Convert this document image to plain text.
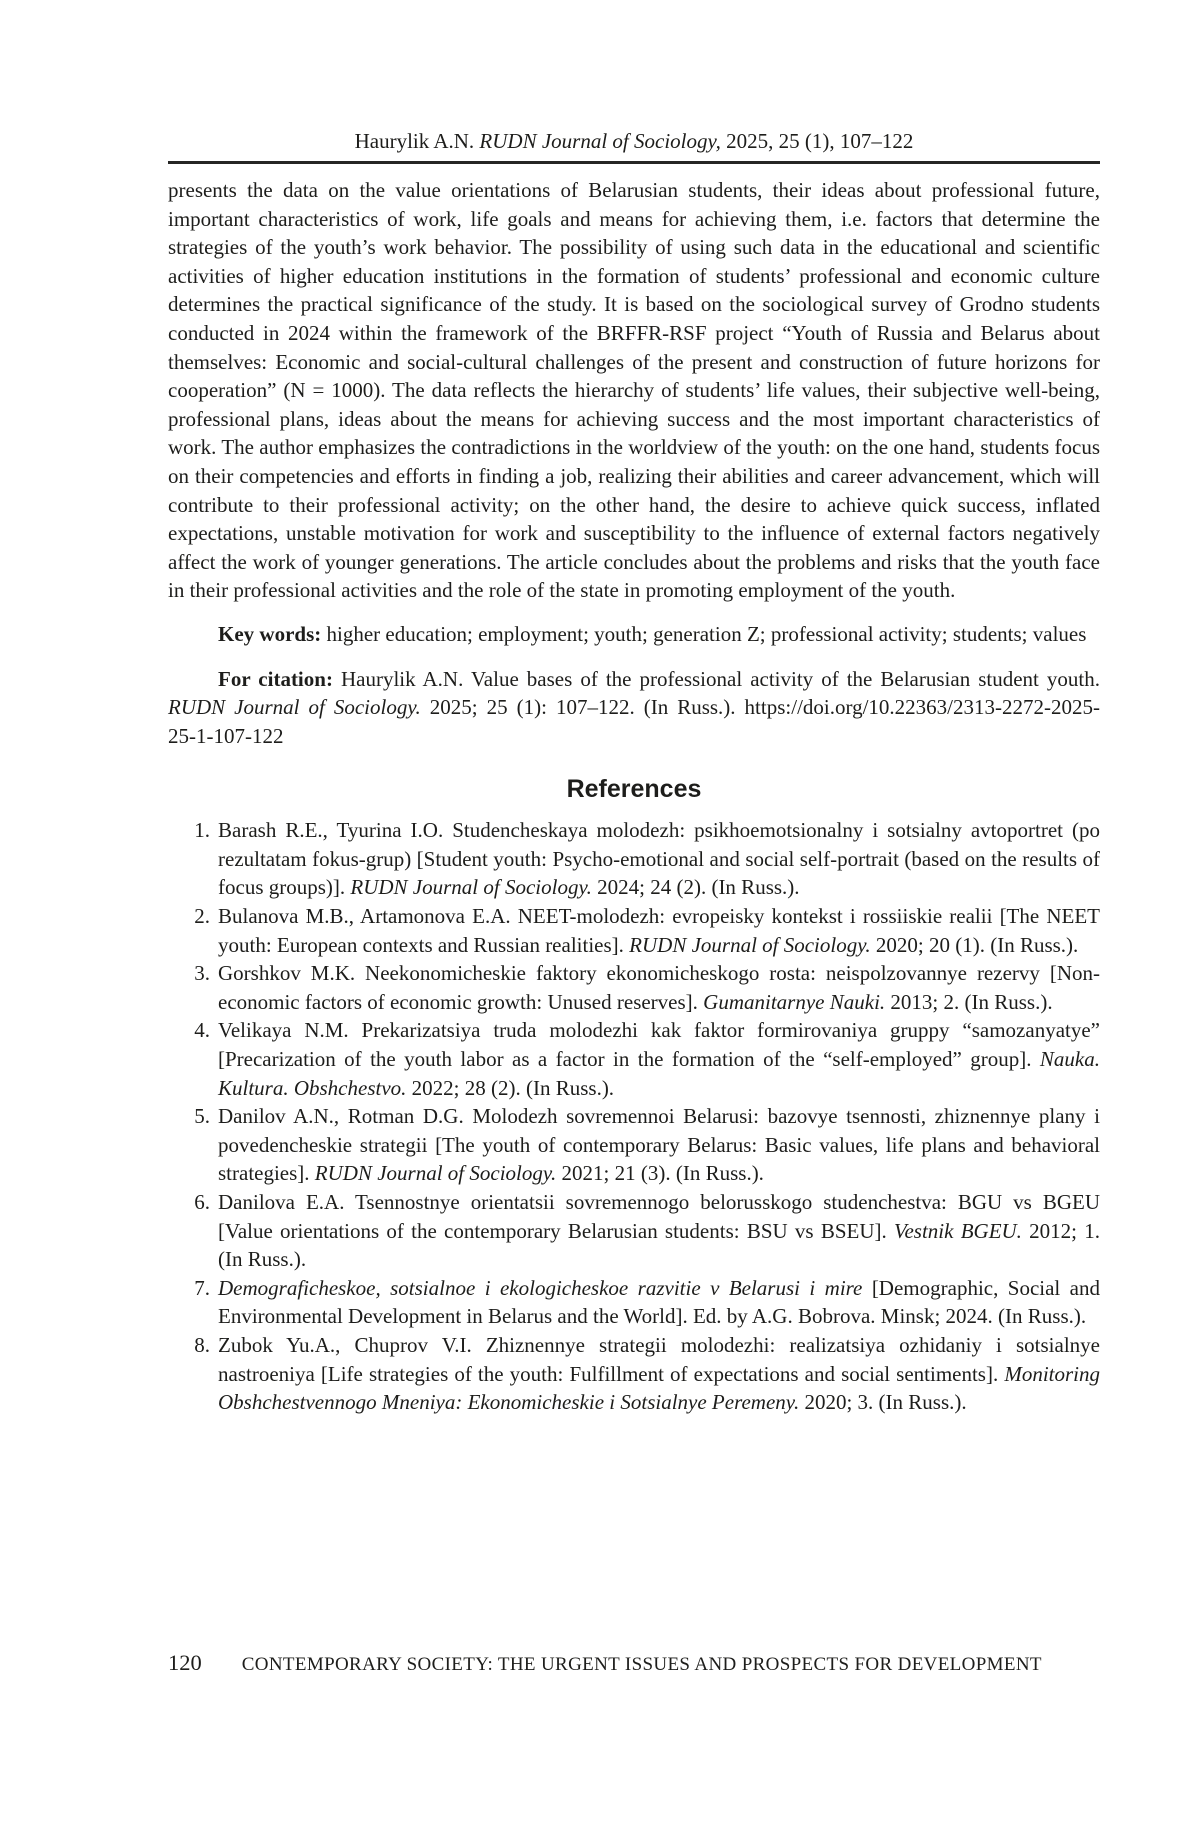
Haurylik A.N. RUDN Journal of Sociology, 2025, 25 (1), 107–122

presents the data on the value orientations of Belarusian students, their ideas about professional future, important characteristics of work, life goals and means for achieving them, i.e. factors that determine the strategies of the youth’s work behavior. The possibility of using such data in the educational and scientific activities of higher education institutions in the formation of students’ professional and economic culture determines the practical significance of the study. It is based on the sociological survey of Grodno students conducted in 2024 within the framework of the BRFFR-RSF project “Youth of Russia and Belarus about themselves: Economic and social-cultural challenges of the present and construction of future horizons for cooperation” (N = 1000). The data reflects the hierarchy of students’ life values, their subjective well-being, professional plans, ideas about the means for achieving success and the most important characteristics of work. The author emphasizes the contradictions in the worldview of the youth: on the one hand, students focus on their competencies and efforts in finding a job, realizing their abilities and career advancement, which will contribute to their professional activity; on the other hand, the desire to achieve quick success, inflated expectations, unstable motivation for work and susceptibility to the influence of external factors negatively affect the work of younger generations. The article concludes about the problems and risks that the youth face in their professional activities and the role of the state in promoting employment of the youth.

Key words: higher education; employment; youth; generation Z; professional activity; students; values

For citation: Haurylik A.N. Value bases of the professional activity of the Belarusian student youth. RUDN Journal of Sociology. 2025; 25 (1): 107–122. (In Russ.). https://doi.org/10.22363/2313-2272-2025-25-1-107-122

References
1. Barash R.E., Tyurina I.O. Studencheskaya molodezh: psikhoemotsionalny i sotsialny avtoportret (po rezultatam fokus-grup) [Student youth: Psycho-emotional and social self-portrait (based on the results of focus groups)]. RUDN Journal of Sociology. 2024; 24 (2). (In Russ.).
2. Bulanova M.B., Artamonova E.A. NEET-molodezh: evropeisky kontekst i rossiiskie realii [The NEET youth: European contexts and Russian realities]. RUDN Journal of Sociology. 2020; 20 (1). (In Russ.).
3. Gorshkov M.K. Neekonomicheskie faktory ekonomicheskogo rosta: neispolzovannye rezervy [Non-economic factors of economic growth: Unused reserves]. Gumanitarnye Nauki. 2013; 2. (In Russ.).
4. Velikaya N.M. Prekarizatsiya truda molodezhi kak faktor formirovaniya gruppy “samozanyatye” [Precarization of the youth labor as a factor in the formation of the “self-employed” group]. Nauka. Kultura. Obshchestvo. 2022; 28 (2). (In Russ.).
5. Danilov A.N., Rotman D.G. Molodezh sovremennoi Belarusi: bazovye tsennosti, zhiznennye plany i povedencheskie strategii [The youth of contemporary Belarus: Basic values, life plans and behavioral strategies]. RUDN Journal of Sociology. 2021; 21 (3). (In Russ.).
6. Danilova E.A. Tsennostnye orientatsii sovremennogo belorusskogo studenchestva: BGU vs BGEU [Value orientations of the contemporary Belarusian students: BSU vs BSEU]. Vestnik BGEU. 2012; 1. (In Russ.).
7. Demograficheskoe, sotsialnoe i ekologicheskoe razvitie v Belarusi i mire [Demographic, Social and Environmental Development in Belarus and the World]. Ed. by A.G. Bobrova. Minsk; 2024. (In Russ.).
8. Zubok Yu.A., Chuprov V.I. Zhiznennye strategii molodezhi: realizatsiya ozhidaniy i sotsialnye nastroeniya [Life strategies of the youth: Fulfillment of expectations and social sentiments]. Monitoring Obshchestvennogo Mneniya: Ekonomicheskie i Sotsialnye Peremeny. 2020; 3. (In Russ.).
120 CONTEMPORARY SOCIETY: THE URGENT ISSUES AND PROSPECTS FOR DEVELOPMENT
